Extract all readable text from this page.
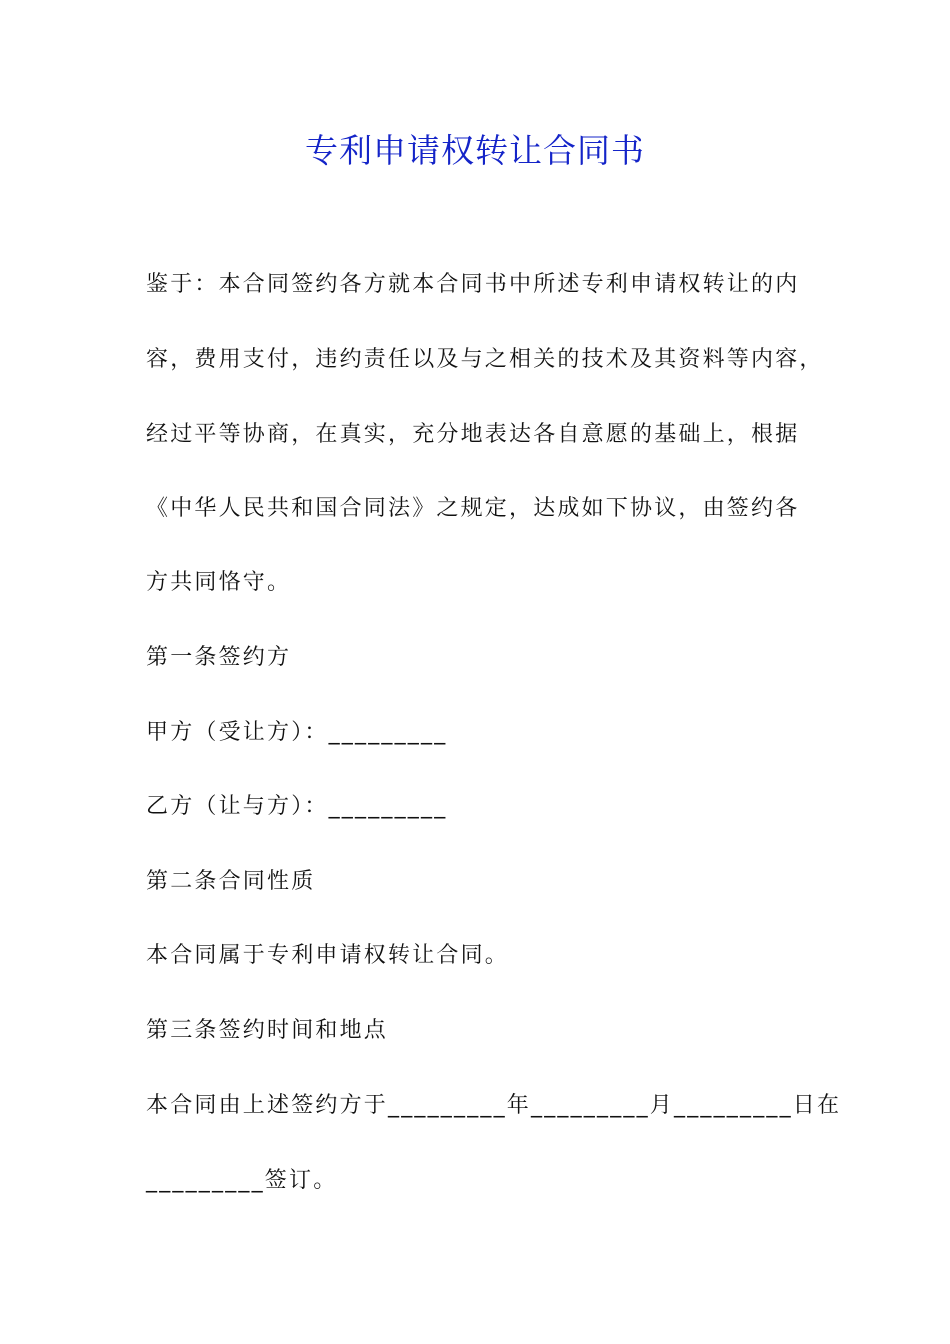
专利申请权转让合同书
鉴于：本合同签约各方就本合同书中所述专利申请权转让的内
容，费用支付，违约责任以及与之相关的技术及其资料等内容，
经过平等协商，在真实，充分地表达各自意愿的基础上，根据
《中华人民共和国合同法》之规定，达成如下协议，由签约各
方共同恪守。
第一条签约方
甲方（受让方）：_________
乙方（让与方）：_________
第二条合同性质
本合同属于专利申请权转让合同。
第三条签约时间和地点
本合同由上述签约方于_________年_________月_________日在
_________签订。
